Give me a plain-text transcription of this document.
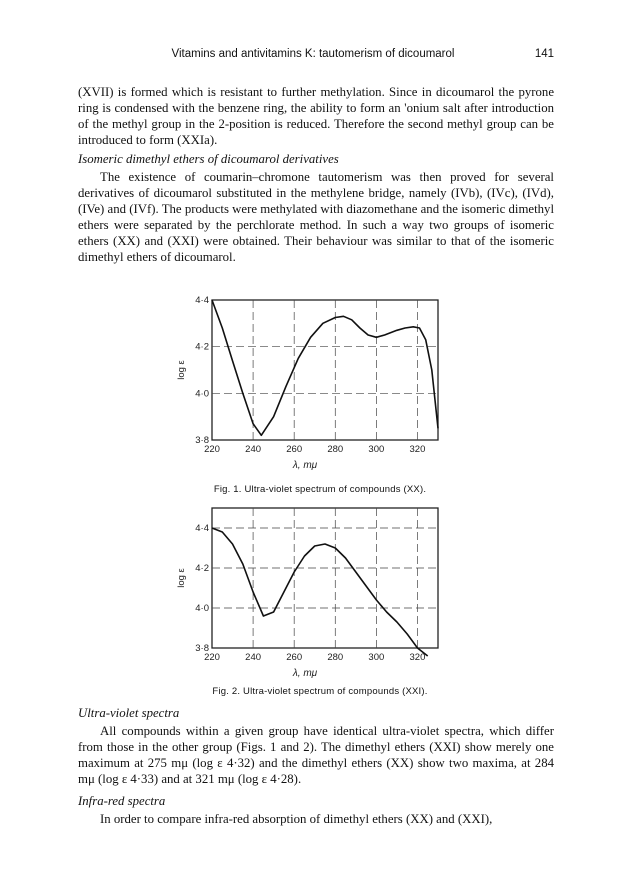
Vitamins and antivitamins K: tautomerism of dicoumarol	141
(XVII) is formed which is resistant to further methylation. Since in dicoumarol the pyrone ring is condensed with the benzene ring, the ability to form an 'onium salt after introduction of the methyl group in the 2-position is reduced. Therefore the second methyl group can be introduced to form (XXIa).
Isomeric dimethyl ethers of dicoumarol derivatives
The existence of coumarin–chromone tautomerism was then proved for several derivatives of dicoumarol substituted in the methylene bridge, namely (IVb), (IVc), (IVd), (IVe) and (IVf). The products were methylated with diazomethane and the isomeric dimethyl ethers were separated by the perchlorate method. In such a way two groups of isomeric ethers (XX) and (XXI) were obtained. Their behaviour was similar to that of the isomeric dimethyl ethers of dicoumarol.
220	240	260	280	300	320
3·8
4·0
4·2
4·4
λ, mμ
log ε
Fig. 1. Ultra-violet spectrum of compounds (XX).
220	240	260	280	300	320
3·8
4·0
4·2
4·4
λ, mμ
log ε
Fig. 2. Ultra-violet spectrum of compounds (XXI).
Ultra-violet spectra
All compounds within a given group have identical ultra-violet spectra, which differ from those in the other group (Figs. 1 and 2). The dimethyl ethers (XXI) show merely one maximum at 275 mμ (log ε 4·32) and the dimethyl ethers (XX) show two maxima, at 284 mμ (log ε 4·33) and at 321 mμ (log ε 4·28).
Infra-red spectra
In order to compare infra-red absorption of dimethyl ethers (XX) and (XXI),
